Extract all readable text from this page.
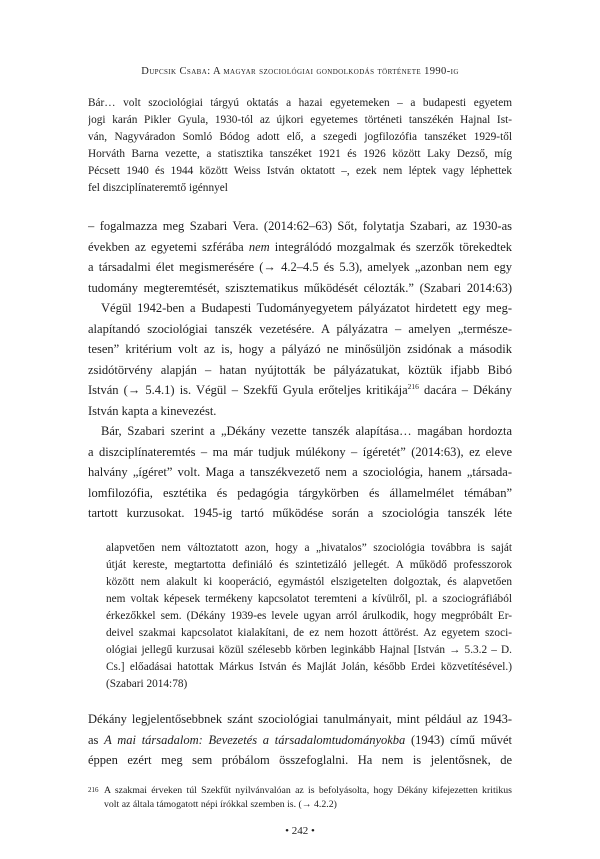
Dupcsik Csaba: A magyar szociológiai gondolkodás története 1990-ig
Bár… volt szociológiai tárgyú oktatás a hazai egyetemeken – a budapesti egyetem
jogi karán Pikler Gyula, 1930-tól az újkori egyetemes történeti tanszékén Hajnal Ist-
ván, Nagyváradon Somló Bódog adott elő, a szegedi jogfilozófia tanszéket 1929-től
Horváth Barna vezette, a statisztika tanszéket 1921 és 1926 között Laky Dezső, míg
Pécsett 1940 és 1944 között Weiss István oktatott –, ezek nem léptek vagy léphettek
fel diszciplínateremtő igénnyel
– fogalmazza meg Szabari Vera. (2014:62–63) Sőt, folytatja Szabari, az 1930-as
években az egyetemi szférába nem integrálódó mozgalmak és szerzők törekedtek
a társadalmi élet megismerésére (→ 4.2–4.5 és 5.3), amelyek „azonban nem egy
tudomány megteremtését, szisztematikus működését célozták.” (Szabari 2014:63)
Végül 1942-ben a Budapesti Tudományegyetem pályázatot hirdetett egy meg-
alapítandó szociológiai tanszék vezetésére. A pályázatra – amelyen „természe-
tesen” kritérium volt az is, hogy a pályázó ne minősüljön zsidónak a második
zsidótörvény alapján – hatan nyújtották be pályázatukat, köztük ifjabb Bibó
István (→ 5.4.1) is. Végül – Szekfű Gyula erőteljes kritikája$^{216}$ dacára – Dékány
István kapta a kinevezést.
Bár, Szabari szerint a „Dékány vezette tanszék alapítása… magában hordozta
a diszciplínateremtés – ma már tudjuk múlékony – ígéretét” (2014:63), ez eleve
halvány „ígéret” volt. Maga a tanszékvezető nem a szociológia, hanem „társada-
lomfilozófia, esztétika és pedagógia tárgykörben és államelmélet témában”
tartott kurzusokat. 1945-ig tartó működése során a szociológia tanszék léte
alapvetően nem változtatott azon, hogy a „hivatalos” szociológia továbbra is saját
útját kereste, megtartotta definiáló és szintetizáló jellegét. A működő professzorok
között nem alakult ki kooperáció, egymástól elszigetelten dolgoztak, és alapvetően
nem voltak képesek termékeny kapcsolatot teremteni a kívülről, pl. a szociográfiából
érkezőkkel sem. (Dékány 1939-es levele ugyan arról árulkodik, hogy megpróbált Er-
deivel szakmai kapcsolatot kialakítani, de ez nem hozott áttörést. Az egyetem szoci-
ológiai jellegű kurzusai közül szélesebb körben leginkább Hajnal [István → 5.3.2 – D.
Cs.] előadásai hatottak Márkus István és Majlát Jolán, később Erdei közvetítésével.)
(Szabari 2014:78)
Dékány legjelentősebbnek szánt szociológiai tanulmányait, mint például az 1943-
as A mai társadalom: Bevezetés a társadalomtudományokba (1943) című művét
éppen ezért meg sem próbálom összefoglalni. Ha nem is jelentősnek, de
216 A szakmai érveken túl Szekfűt nyilvánvalóan az is befolyásolta, hogy Dékány kifejezetten kritikus
volt az általa támogatott népi írókkal szemben is. (→ 4.2.2)
• 242 •
